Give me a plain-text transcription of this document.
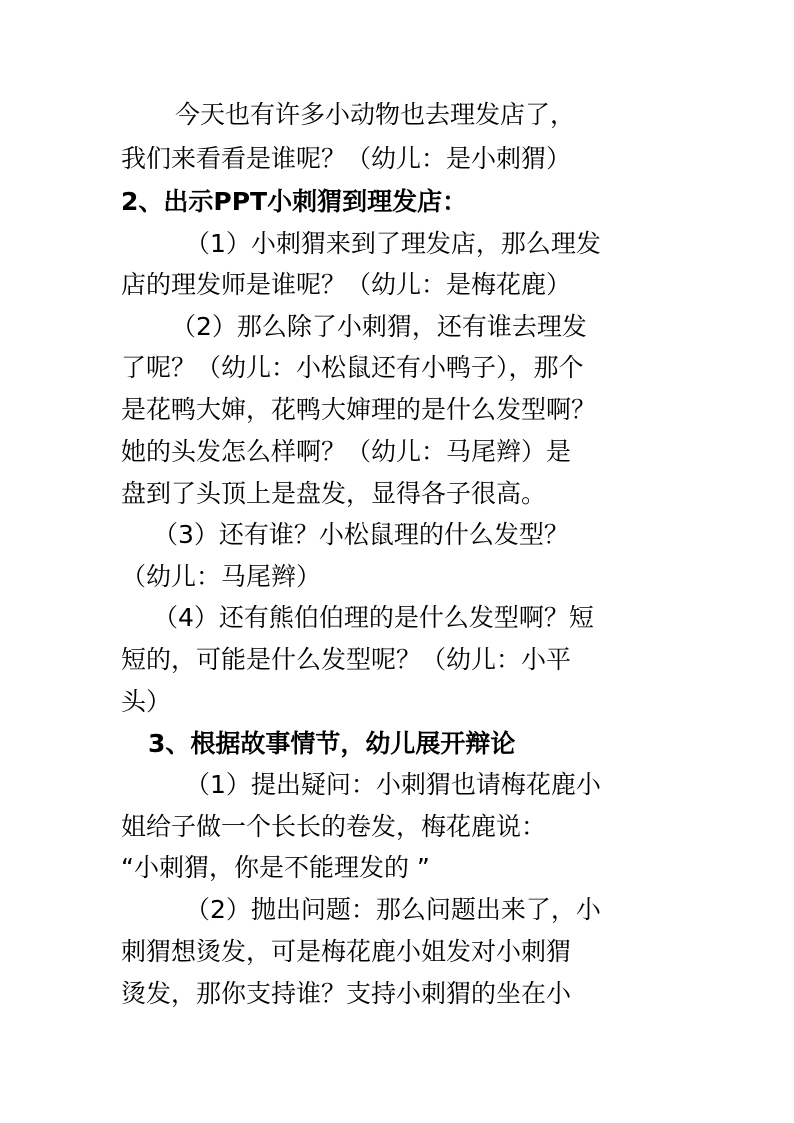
今天也有许多小动物也去理发店了，
我们来看看是谁呢？（幼儿：是小刺猬）
2、出示PPT小刺猬到理发店：
（1）小刺猬来到了理发店，那么理发
店的理发师是谁呢？（幼儿：是梅花鹿）
（2）那么除了小刺猬，还有谁去理发
了呢？（幼儿：小松鼠还有小鸭子），那个
是花鸭大婶，花鸭大婶理的是什么发型啊？
她的头发怎么样啊？（幼儿：马尾辫）是
盘到了头顶上是盘发，显得各子很高。
（3）还有谁？小松鼠理的什么发型？
（幼儿：马尾辫）
（4）还有熊伯伯理的是什么发型啊？短
短的，可能是什么发型呢？（幼儿：小平
头）
3、根据故事情节，幼儿展开辩论
（1）提出疑问：小刺猬也请梅花鹿小
姐给子做一个长长的卷发，梅花鹿说：
“小刺猬，你是不能理发的 ”
（2）抛出问题：那么问题出来了，小
刺猬想烫发，可是梅花鹿小姐发对小刺猬
烫发，那你支持谁？支持小刺猬的坐在小
